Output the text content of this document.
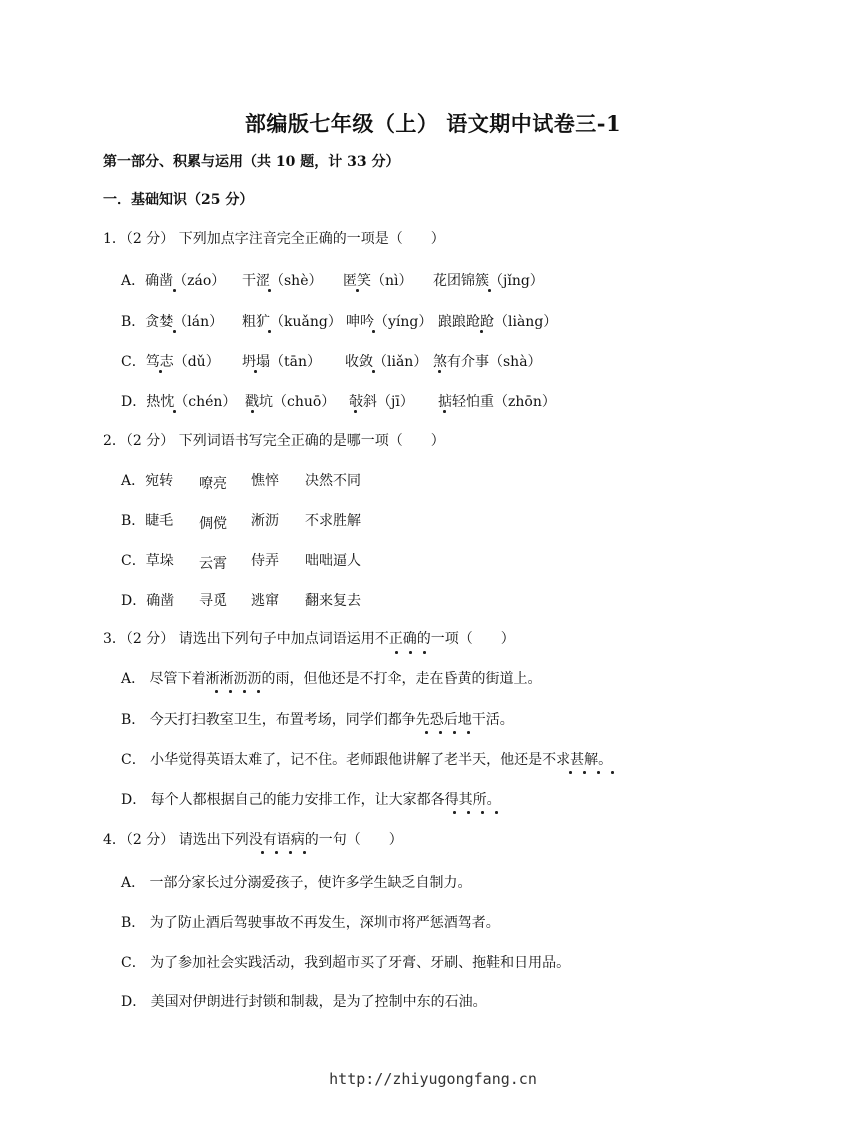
部编版七年级（上） 语文期中试卷三-1
第一部分、积累与运用（共 10 题，计 33 分）
一．基础知识（25 分）
1．（2 分） 下列加点字注音完全正确的一项是（　　）
A．确凿（záo） 干涩（shè） 匿笑（nì） 花团锦簇（jǐng）
B．贪婪（lán） 粗犷（kuǎng） 呻吟（yíng） 踉踉跄跄（liàng）
C．笃志（dǔ） 坍塌（tān） 收敛（liǎn） 煞有介事（shà）
D．热忱（chén） 戳坑（chuō） 敧斜（jī） 掂轻怕重（zhōn）
2．（2 分） 下列词语书写完全正确的是哪一项（　　）
A．宛转 嘹亮 憔悴 决然不同
B．睫毛 倜傥 淅沥 不求胜解
C．草垛 云霄 侍弄 咄咄逼人
D．确凿 寻觅 逃窜 翻来复去
3．（2 分） 请选出下列句子中加点词语运用不正确的一项（　　）
A． 尽管下着淅淅沥沥的雨，但他还是不打伞，走在昏黄的街道上。
B． 今天打扫教室卫生，布置考场，同学们都争先恐后地干活。
C． 小华觉得英语太难了，记不住。老师跟他讲解了老半天，他还是不求甚解。
D． 每个人都根据自己的能力安排工作，让大家都各得其所。
4．（2 分） 请选出下列没有语病的一句（　　）
A． 一部分家长过分溺爱孩子，使许多学生缺乏自制力。
B． 为了防止酒后驾驶事故不再发生，深圳市将严惩酒驾者。
C． 为了参加社会实践活动，我到超市买了牙膏、牙刷、拖鞋和日用品。
D． 美国对伊朗进行封锁和制裁，是为了控制中东的石油。
http://zhiyugongfang.cn
